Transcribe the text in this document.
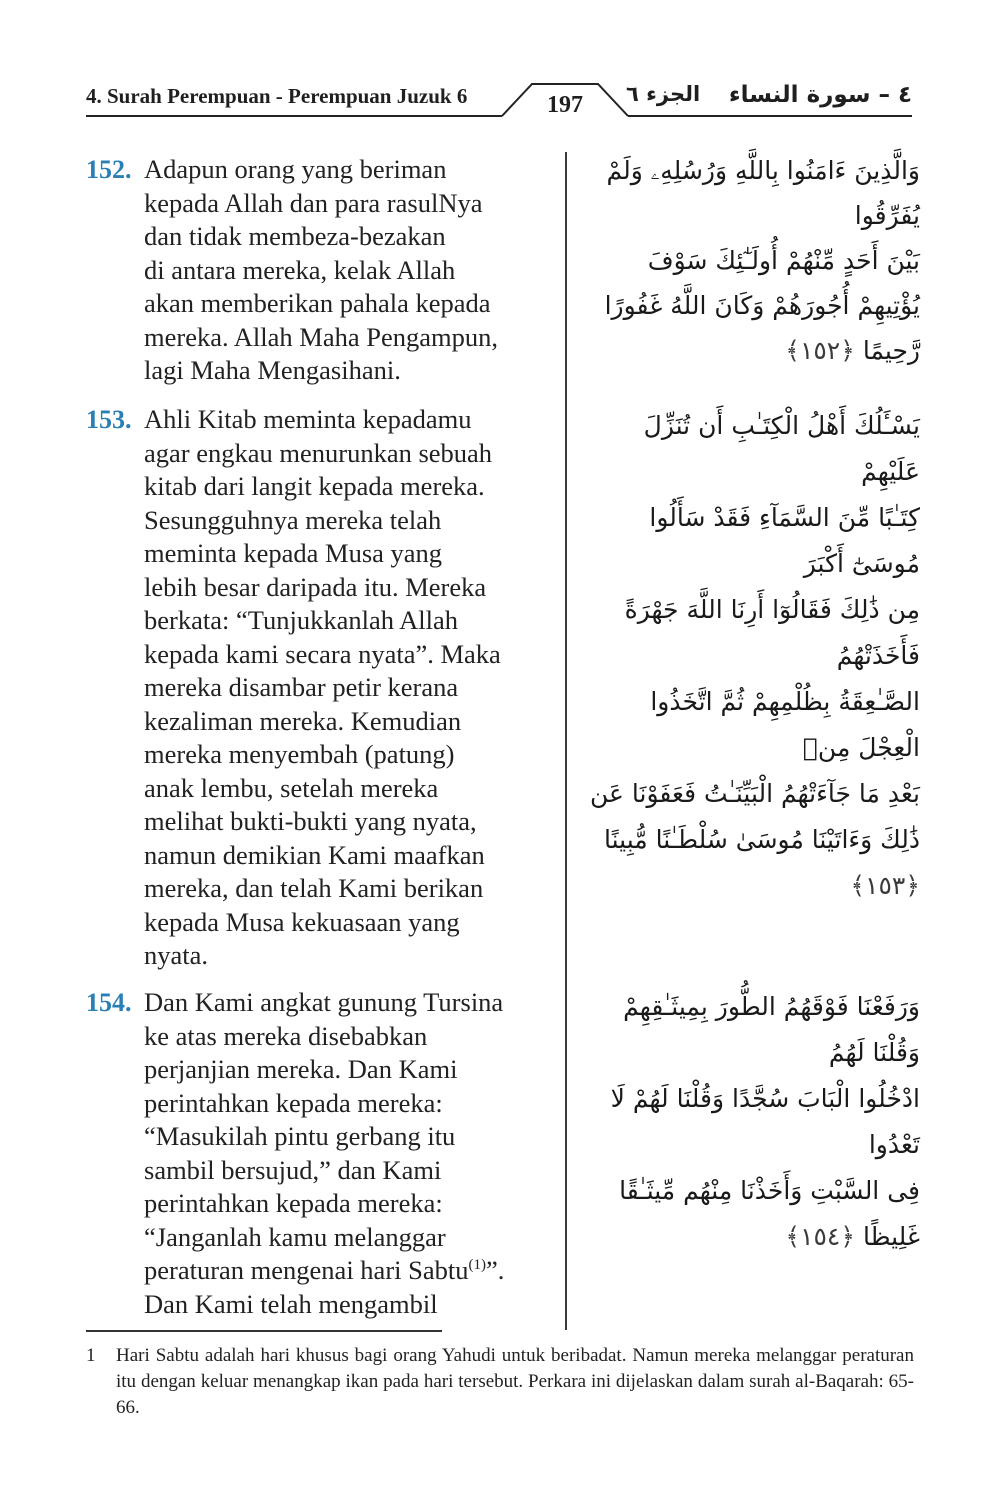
4. Surah Perempuan - Perempuan Juzuk 6	197	الجزء ٦ ٤ – سورة النساء
152. Adapun orang yang beriman
kepada Allah dan para rasulNya
dan tidak membeza-bezakan
di antara mereka, kelak Allah
akan memberikan pahala kepada
mereka. Allah Maha Pengampun,
lagi Maha Mengasihani.
وَالَّذِينَ ءَامَنُوا بِاللَّهِ وَرُسُلِهِۦ وَلَمْ يُفَرِّقُوا
بَيْنَ أَحَدٍ مِّنْهُمْ أُولَـٰٓئِكَ سَوْفَ
يُؤْتِيهِمْ أُجُورَهُمْ وَكَانَ اللَّهُ غَفُورًا رَّحِيمًا ﴿١٥٢﴾
153. Ahli Kitab meminta kepadamu
agar engkau menurunkan sebuah
kitab dari langit kepada mereka.
Sesungguhnya mereka telah
meminta kepada Musa yang
lebih besar daripada itu. Mereka
berkata: “Tunjukkanlah Allah
kepada kami secara nyata”. Maka
mereka disambar petir kerana
kezaliman mereka. Kemudian
mereka menyembah (patung)
anak lembu, setelah mereka
melihat bukti-bukti yang nyata,
namun demikian Kami maafkan
mereka, dan telah Kami berikan
kepada Musa kekuasaan yang
nyata.
يَسْـَٔلُكَ أَهْلُ الْكِتَـٰبِ أَن تُنَزِّلَ عَلَيْهِمْ
كِتَـٰبًا مِّنَ السَّمَآءِ فَقَدْ سَأَلُوا مُوسَىٰٓ أَكْبَرَ
مِن ذَٰلِكَ فَقَالُوٓا أَرِنَا اللَّهَ جَهْرَةً فَأَخَذَتْهُمُ
الصَّـٰعِقَةُ بِظُلْمِهِمْ ثُمَّ اتَّخَذُوا الْعِجْلَ مِنۢ
بَعْدِ مَا جَآءَتْهُمُ الْبَيِّنَـٰتُ فَعَفَوْنَا عَن
ذَٰلِكَ وَءَاتَيْنَا مُوسَىٰ سُلْطَـٰنًا مُّبِينًا ﴿١٥٣﴾
154. Dan Kami angkat gunung Tursina
ke atas mereka disebabkan
perjanjian mereka. Dan Kami
perintahkan kepada mereka:
“Masukilah pintu gerbang itu
sambil bersujud,” dan Kami
perintahkan kepada mereka:
“Janganlah kamu melanggar
peraturan mengenai hari Sabtu$^{(1)}$”.
Dan Kami telah mengambil
وَرَفَعْنَا فَوْقَهُمُ الطُّورَ بِمِيثَـٰقِهِمْ وَقُلْنَا لَهُمُ
ادْخُلُوا الْبَابَ سُجَّدًا وَقُلْنَا لَهُمْ لَا تَعْدُوا
فِى السَّبْتِ وَأَخَذْنَا مِنْهُم مِّيثَـٰقًا غَلِيظًا ﴿١٥٤﴾
1 Hari Sabtu adalah hari khusus bagi orang Yahudi untuk beribadat. Namun mereka melanggar peraturan itu dengan keluar menangkap ikan pada hari tersebut. Perkara ini dijelaskan dalam surah al-Baqarah: 65-66.
